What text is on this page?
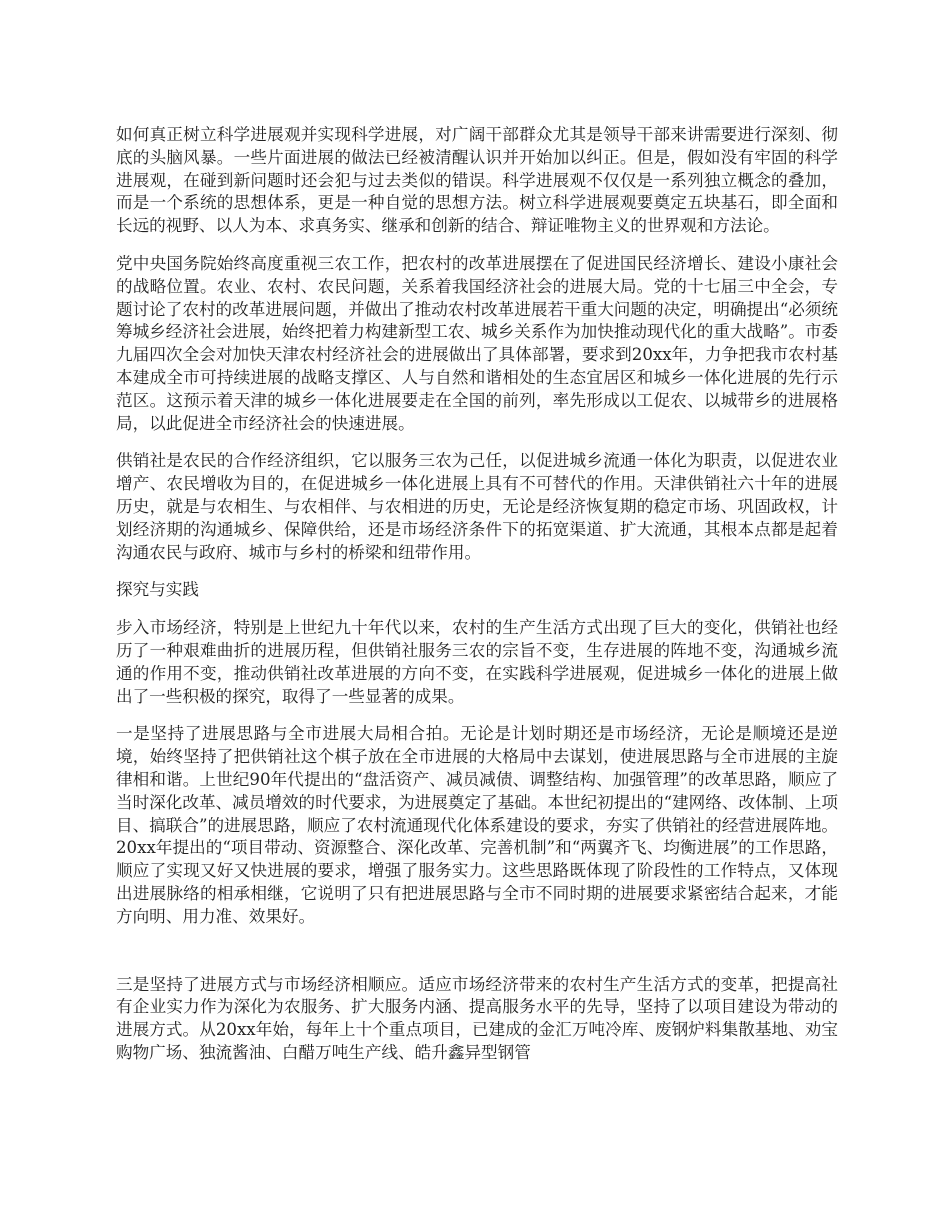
如何真正树立科学进展观并实现科学进展，对广阔干部群众尤其是领导干部来讲需要进行深刻、彻底的头脑风暴。一些片面进展的做法已经被清醒认识并开始加以纠正。但是，假如没有牢固的科学进展观，在碰到新问题时还会犯与过去类似的错误。科学进展观不仅仅是一系列独立概念的叠加，而是一个系统的思想体系，更是一种自觉的思想方法。树立科学进展观要奠定五块基石，即全面和长远的视野、以人为本、求真务实、继承和创新的结合、辩证唯物主义的世界观和方法论。

党中央国务院始终高度重视三农工作，把农村的改革进展摆在了促进国民经济增长、建设小康社会的战略位置。农业、农村、农民问题，关系着我国经济社会的进展大局。党的十七届三中全会，专题讨论了农村的改革进展问题，并做出了推动农村改革进展若干重大问题的决定，明确提出“必须统筹城乡经济社会进展，始终把着力构建新型工农、城乡关系作为加快推动现代化的重大战略”。市委九届四次全会对加快天津农村经济社会的进展做出了具体部署，要求到20xx年，力争把我市农村基本建成全市可持续进展的战略支撑区、人与自然和谐相处的生态宜居区和城乡一体化进展的先行示范区。这预示着天津的城乡一体化进展要走在全国的前列，率先形成以工促农、以城带乡的进展格局，以此促进全市经济社会的快速进展。

供销社是农民的合作经济组织，它以服务三农为己任，以促进城乡流通一体化为职责，以促进农业增产、农民增收为目的，在促进城乡一体化进展上具有不可替代的作用。天津供销社六十年的进展历史，就是与农相生、与农相伴、与农相进的历史，无论是经济恢复期的稳定市场、巩固政权，计划经济期的沟通城乡、保障供给，还是市场经济条件下的拓宽渠道、扩大流通，其根本点都是起着沟通农民与政府、城市与乡村的桥梁和纽带作用。

探究与实践

步入市场经济，特别是上世纪九十年代以来，农村的生产生活方式出现了巨大的变化，供销社也经历了一种艰难曲折的进展历程，但供销社服务三农的宗旨不变，生存进展的阵地不变，沟通城乡流通的作用不变，推动供销社改革进展的方向不变，在实践科学进展观，促进城乡一体化的进展上做出了一些积极的探究，取得了一些显著的成果。

一是坚持了进展思路与全市进展大局相合拍。无论是计划时期还是市场经济，无论是顺境还是逆境，始终坚持了把供销社这个棋子放在全市进展的大格局中去谋划，使进展思路与全市进展的主旋律相和谐。上世纪90年代提出的“盘活资产、减员减债、调整结构、加强管理”的改革思路，顺应了当时深化改革、减员增效的时代要求，为进展奠定了基础。本世纪初提出的“建网络、改体制、上项目、搞联合”的进展思路，顺应了农村流通现代化体系建设的要求，夯实了供销社的经营进展阵地。20xx年提出的“项目带动、资源整合、深化改革、完善机制”和“两翼齐飞、均衡进展”的工作思路，顺应了实现又好又快进展的要求，增强了服务实力。这些思路既体现了阶段性的工作特点，又体现出进展脉络的相承相继，它说明了只有把进展思路与全市不同时期的进展要求紧密结合起来，才能方向明、用力准、效果好。

三是坚持了进展方式与市场经济相顺应。适应市场经济带来的农村生产生活方式的变革，把提高社有企业实力作为深化为农服务、扩大服务内涵、提高服务水平的先导，坚持了以项目建设为带动的进展方式。从20xx年始，每年上十个重点项目，已建成的金汇万吨冷库、废钢炉料集散基地、劝宝购物广场、独流酱油、白醋万吨生产线、皓升鑫异型钢管
